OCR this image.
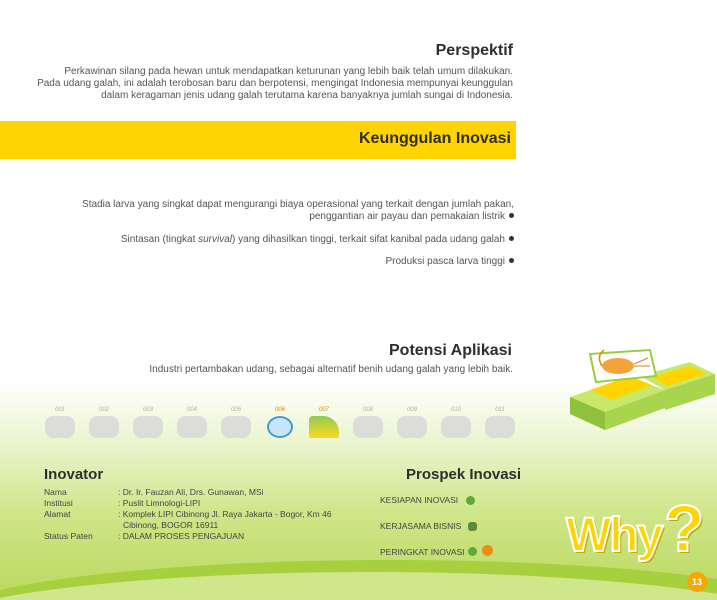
Perspektif
Perkawinan silang pada hewan untuk mendapatkan keturunan yang lebih baik telah umum dilakukan.
Pada udang galah, ini adalah terobosan baru dan berpotensi, mengingat Indonesia mempunyai keunggulan
dalam keragaman jenis udang galah terutama karena banyaknya jumlah sungai di Indonesia.
Keunggulan Inovasi
Stadia larva yang singkat dapat mengurangi biaya operasional yang terkait dengan jumlah pakan,
penggantian air payau dan pemakaian listrik
Sintasan (tingkat survival) yang dihasilkan tinggi, terkait sifat kanibal pada udang galah
Produksi pasca larva tinggi
Potensi Aplikasi
Industri pertambakan udang, sebagai alternatif benih udang galah yang lebih baik.
001	002	003	004	005	006	007	008	009	010	011
Inovator
Nama	: Dr. Ir. Fauzan Ali, Drs. Gunawan, MSi
Institusi	: Puslit Limnologi-LIPI
Alamat	: Komplek LIPI Cibinong Jl. Raya Jakarta - Bogor, Km 46
Cibinong, BOGOR 16911
Status Paten	: DALAM PROSES PENGAJUAN
Prospek Inovasi
KESIAPAN INOVASI
KERJASAMA BISNIS
PERINGKAT INOVASI Why ?
13
